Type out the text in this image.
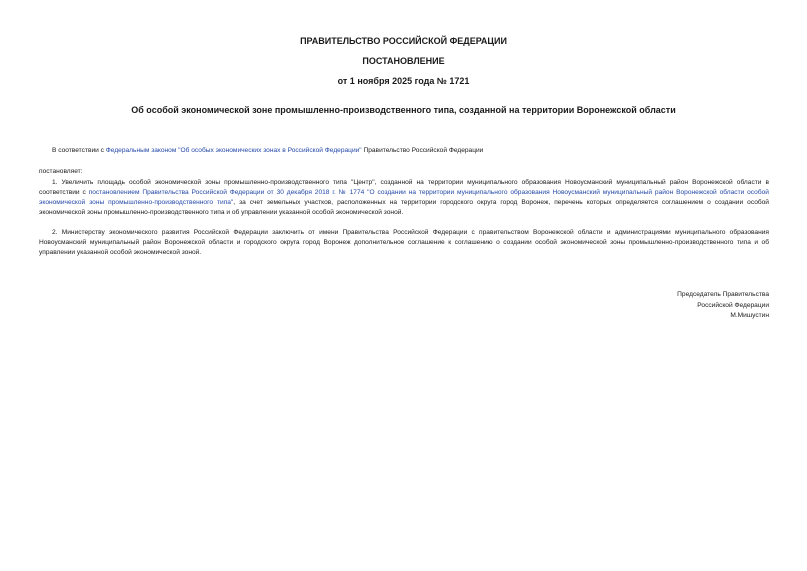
ПРАВИТЕЛЬСТВО РОССИЙСКОЙ ФЕДЕРАЦИИ
ПОСТАНОВЛЕНИЕ
от 1 ноября 2025 года № 1721
Об особой экономической зоне промышленно-производственного типа, созданной на территории Воронежской области
В соответствии с Федеральным законом "Об особых экономических зонах в Российской Федерации" Правительство Российской Федерации
постановляет:
1. Увеличить площадь особой экономической зоны промышленно-производственного типа "Центр", созданной на территории муниципального образования Новоусманский муниципальный район Воронежской области в соответствии с постановлением Правительства Российской Федерации от 30 декабря 2018 г. № 1774 "О создании на территории муниципального образования Новоусманский муниципальный район Воронежской области особой экономической зоны промышленно-производственного типа", за счет земельных участков, расположенных на территории городского округа город Воронеж, перечень которых определяется соглашением о создании особой экономической зоны промышленно-производственного типа и об управлении указанной особой экономической зоной.
2. Министерству экономического развития Российской Федерации заключить от имени Правительства Российской Федерации с правительством Воронежской области и администрациями муниципального образования Новоусманский муниципальный район Воронежской области и городского округа город Воронеж дополнительное соглашение к соглашению о создании особой экономической зоны промышленно-производственного типа и об управлении указанной особой экономической зоной.
Председатель Правительства
Российской Федерации
М.Мишустин
